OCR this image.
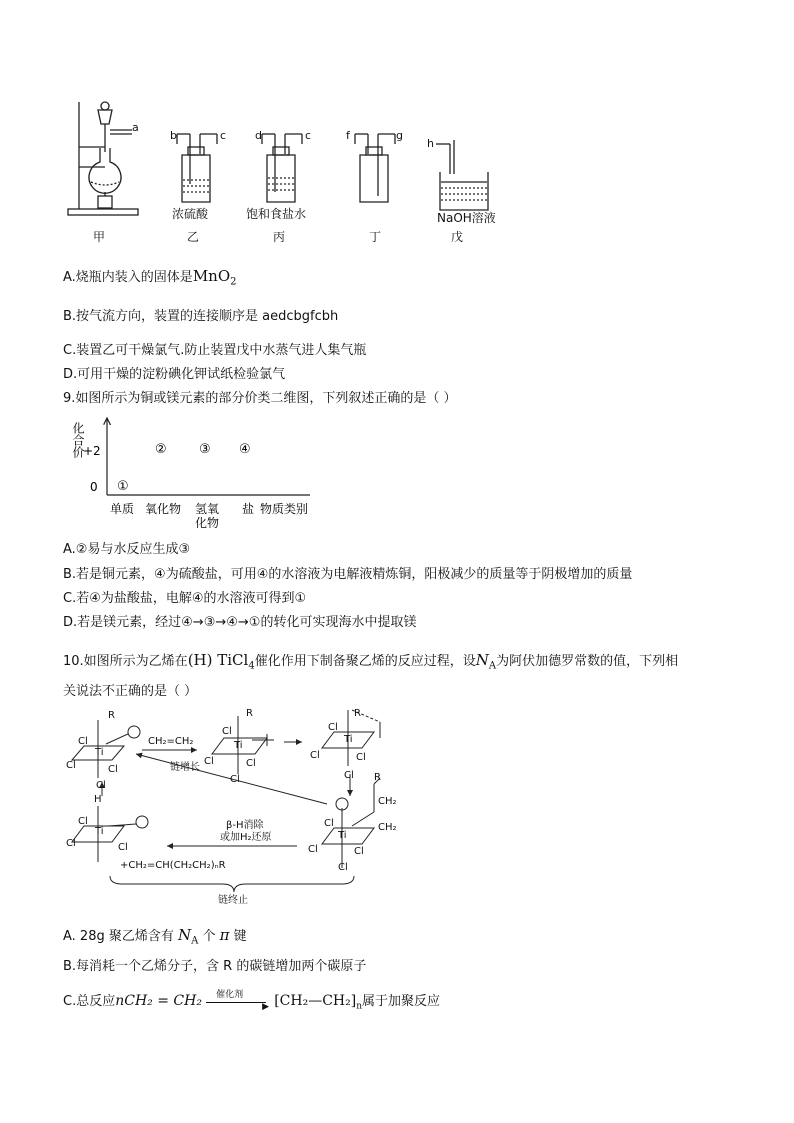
a
b	c	d	c	f	g
h
浓硫酸	饱和食盐水	NaOH溶液
甲	乙	丙	丁	戊
A.烧瓶内装入的固体是MnO$_2$
B.按气流方向，装置的连接顺序是 aedcbgfcbh
C.装置乙可干燥氯气.防止装置戊中水蒸气进人集气瓶
D.可用干燥的淀粉碘化钾试纸检验氯气
9.如图所示为铜或镁元素的部分价类二维图，下列叙述正确的是（ ）
化合价
+2
0 ①
② ③ ④
单质 氧化物 氢氧
化物
盐 物质类别
A.②易与水反应生成③
B.若是铜元素，④为硫酸盐，可用④的水溶液为电解液精炼铜，阳极减少的质量等于阴极增加的质量
C.若④为盐酸盐，电解④的水溶液可得到①
D.若是镁元素，经过④→③→④→①的转化可实现海水中提取镁
10.如图所示为乙烯在(H) TiCl$_4$催化作用下制备聚乙烯的反应过程，设$N_A$为阿伏加德罗常数的值，下列相
关说法不正确的是（ ）
R
Cl
Ti
Cl	Cl
Cl
CH₂=CH₂
R
Cl
Ti
Cl	Cl
Cl
R
Cl
Ti
Cl	Cl
Cl
链增长
R
CH₂
CH₂
Cl
Ti
Cl	Cl
Cl
β-H消除
或加H₂还原
H
Cl
Ti
Cl	Cl
+CH₂=CH(CH₂CH₂)ₙR
链终止
A. 28g 聚乙烯含有 $N_A$ 个 π 键
B.每消耗一个乙烯分子，含 R 的碳链增加两个碳原子
C.总反应nCH₂ = CH₂ 催化剂
▶ $[CH_2—CH_2]_n$属于加聚反应
